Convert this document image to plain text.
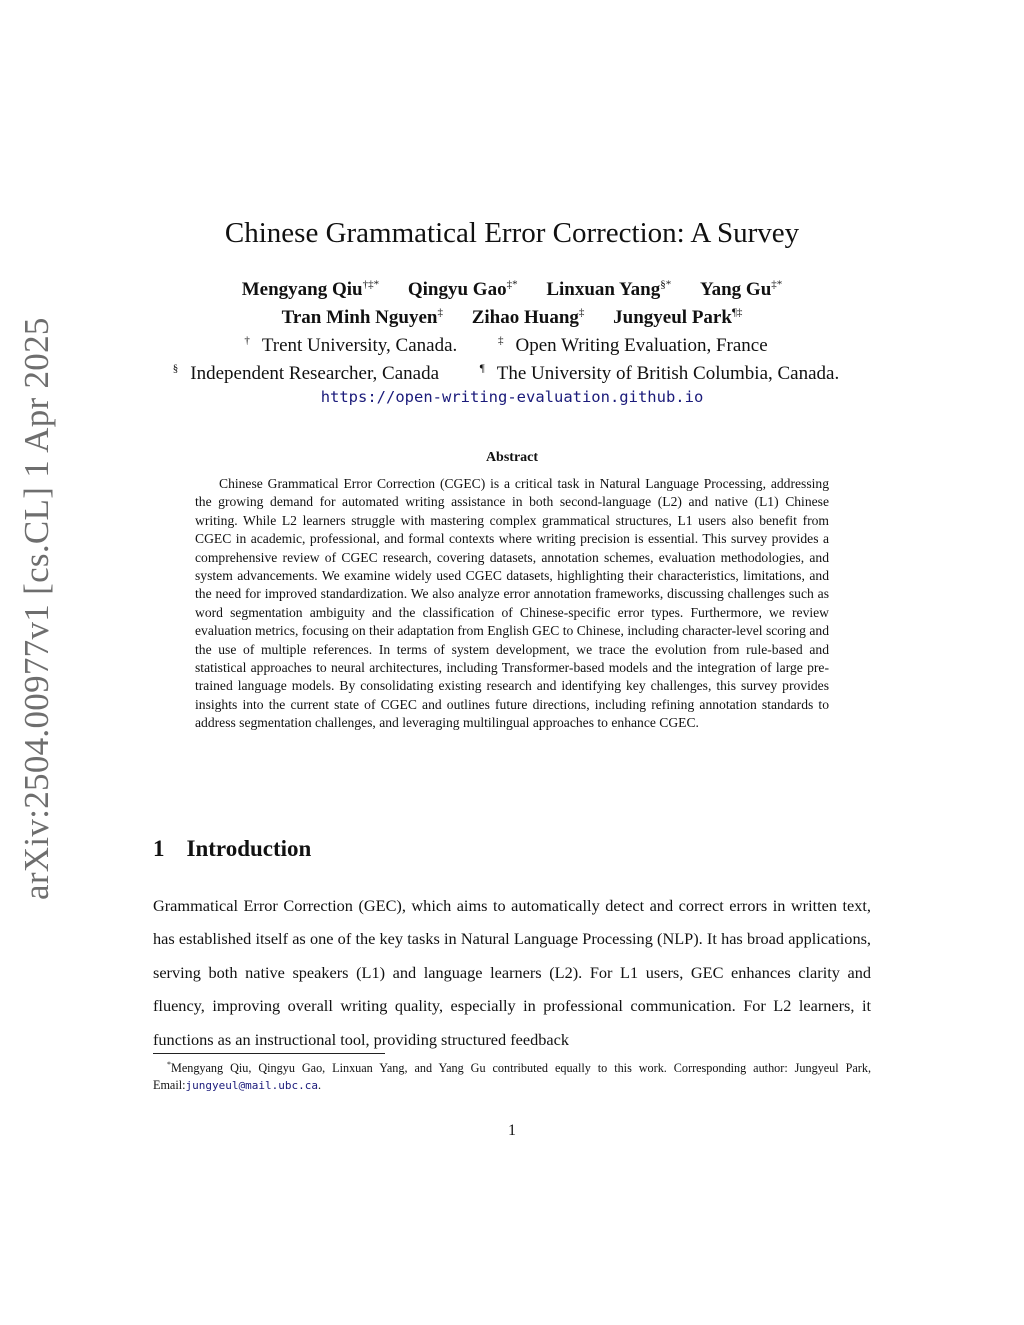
arXiv:2504.00977v1 [cs.CL] 1 Apr 2025
Chinese Grammatical Error Correction: A Survey
Mengyang Qiu†‡* Qingyu Gao‡* Linxuan Yang§* Yang Gu‡*
Tran Minh Nguyen‡ Zihao Huang‡ Jungyeul Park¶‡
† Trent University, Canada.	‡ Open Writing Evaluation, France
§ Independent Researcher, Canada	¶ The University of British Columbia, Canada.
https://open-writing-evaluation.github.io
Abstract

Chinese Grammatical Error Correction (CGEC) is a critical task in Natural Language Processing, addressing the growing demand for automated writing assistance in both second-language (L2) and native (L1) Chinese writing. While L2 learners struggle with mastering complex grammatical structures, L1 users also benefit from CGEC in academic, professional, and formal contexts where writing precision is essential. This survey provides a comprehensive review of CGEC research, covering datasets, annotation schemes, evaluation methodologies, and system advancements. We examine widely used CGEC datasets, highlighting their characteristics, limitations, and the need for improved standardization. We also analyze error annotation frameworks, discussing challenges such as word segmentation ambiguity and the classification of Chinese-specific error types. Furthermore, we review evaluation metrics, focusing on their adaptation from English GEC to Chinese, including character-level scoring and the use of multiple references. In terms of system development, we trace the evolution from rule-based and statistical approaches to neural architectures, including Transformer-based models and the integration of large pre-trained language models. By consolidating existing research and identifying key challenges, this survey provides insights into the current state of CGEC and outlines future directions, including refining annotation standards to address segmentation challenges, and leveraging multilingual approaches to enhance CGEC.

1 Introduction

Grammatical Error Correction (GEC), which aims to automatically detect and correct errors in written text, has established itself as one of the key tasks in Natural Language Processing (NLP). It has broad applications, serving both native speakers (L1) and language learners (L2). For L1 users, GEC enhances clarity and fluency, improving overall writing quality, especially in professional communication. For L2 learners, it functions as an instructional tool, providing structured feedback

*Mengyang Qiu, Qingyu Gao, Linxuan Yang, and Yang Gu contributed equally to this work. Corresponding author: Jungyeul Park, Email:jungyeul@mail.ubc.ca.

1
